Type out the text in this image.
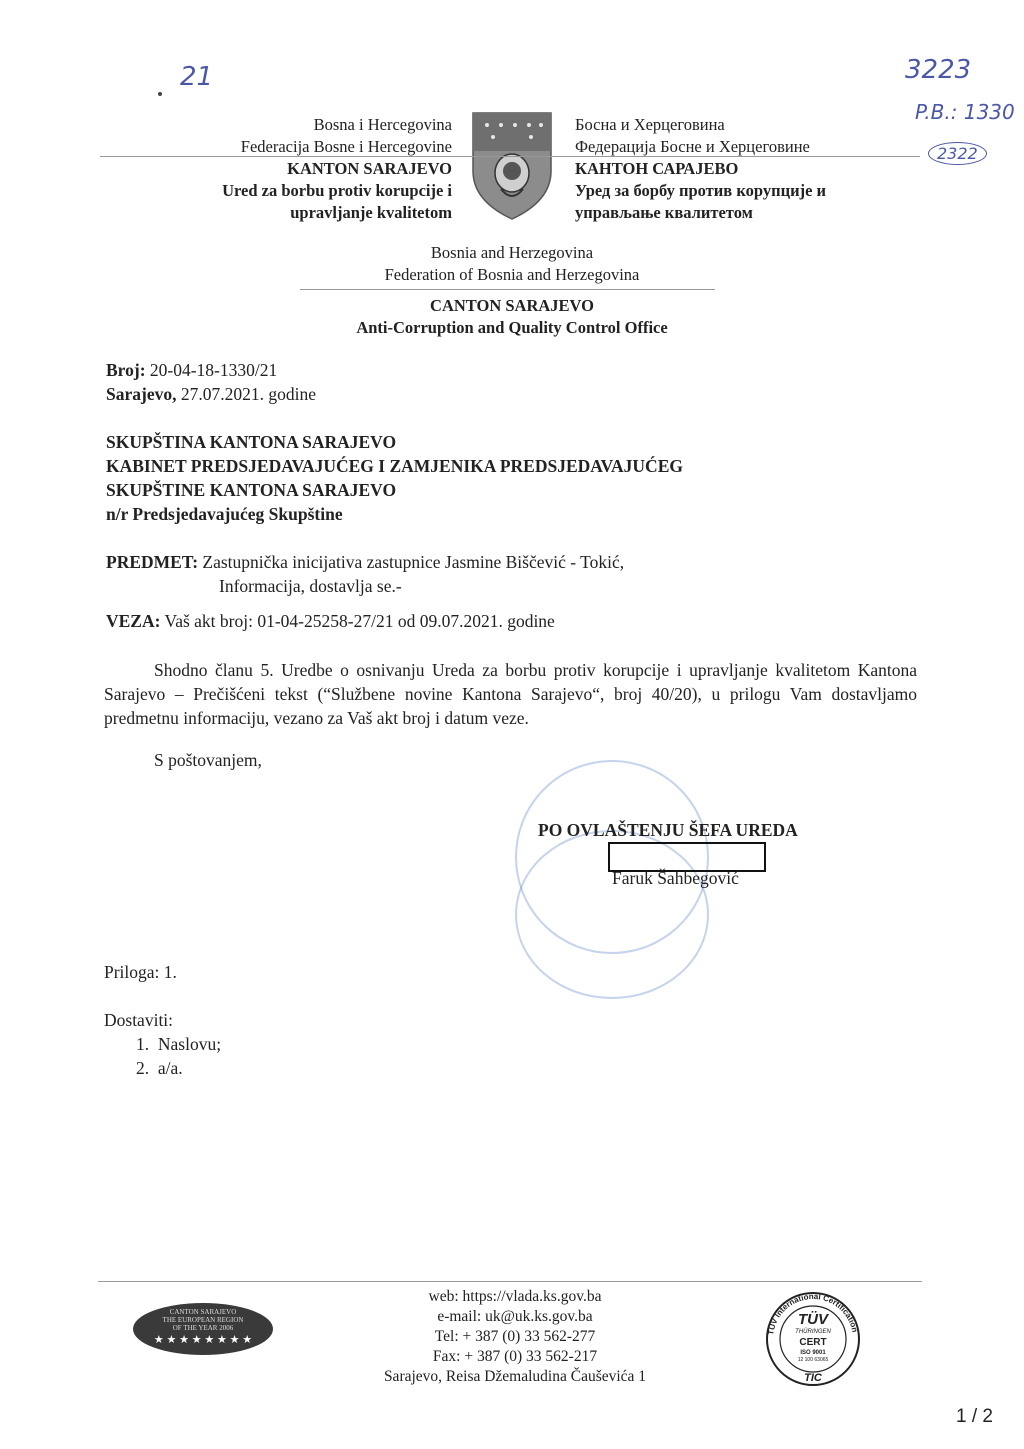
21	3223
P.B.: 1330
2322
Bosna i Hercegovina
Federacija Bosne i Hercegovine
KANTON SARAJEVO
Ured za borbu protiv korupcije i
upravljanje kvalitetom
Босна и Херцеговина
Федерација Босне и Херцеговине
КАНТОН САРАЈЕВО
Уред за борбу против корупције и
управљање квалитетом
Bosnia and Herzegovina
Federation of Bosnia and Herzegovina
CANTON SARAJEVO
Anti-Corruption and Quality Control Office
Broj: 20-04-18-1330/21
Sarajevo, 27.07.2021. godine
SKUPŠTINA KANTONA SARAJEVO
KABINET PREDSJEDAVAJUĆEG I ZAMJENIKA PREDSJEDAVAJUĆEG
SKUPŠTINE KANTONA SARAJEVO
n/r Predsjedavajućeg Skupštine
PREDMET: Zastupnička inicijativa zastupnice Jasmine Biščević - Tokić,
Informacija, dostavlja se.-
VEZA: Vaš akt broj: 01-04-25258-27/21 od 09.07.2021. godine
Shodno članu 5. Uredbe o osnivanju Ureda za borbu protiv korupcije i upravljanje kvalitetom Kantona Sarajevo – Prečišćeni tekst (“Službene novine Kantona Sarajevo“, broj 40/20), u prilogu Vam dostavljamo predmetnu informaciju, vezano za Vaš akt broj i datum veze.
S poštovanjem,
PO OVLAŠTENJU ŠEFA UREDA
Faruk Šahbegović
Priloga: 1.
Dostaviti:
1.  Naslovu;
2.  a/a.
CANTON SARAJEVO
THE EUROPEAN REGION
OF THE YEAR 2006
★ ★ ★ ★ ★ ★ ★ ★
web: https://vlada.ks.gov.ba
e-mail: uk@uk.ks.gov.ba
Tel: + 387 (0) 33 562-277
Fax: + 387 (0) 33 562-217
Sarajevo, Reisa Džemaludina Čauševića 1
TÜV International Certification
TÜV
THÜRINGEN
CERT
ISO 9001
12 100 63065
TIC
1 / 2
